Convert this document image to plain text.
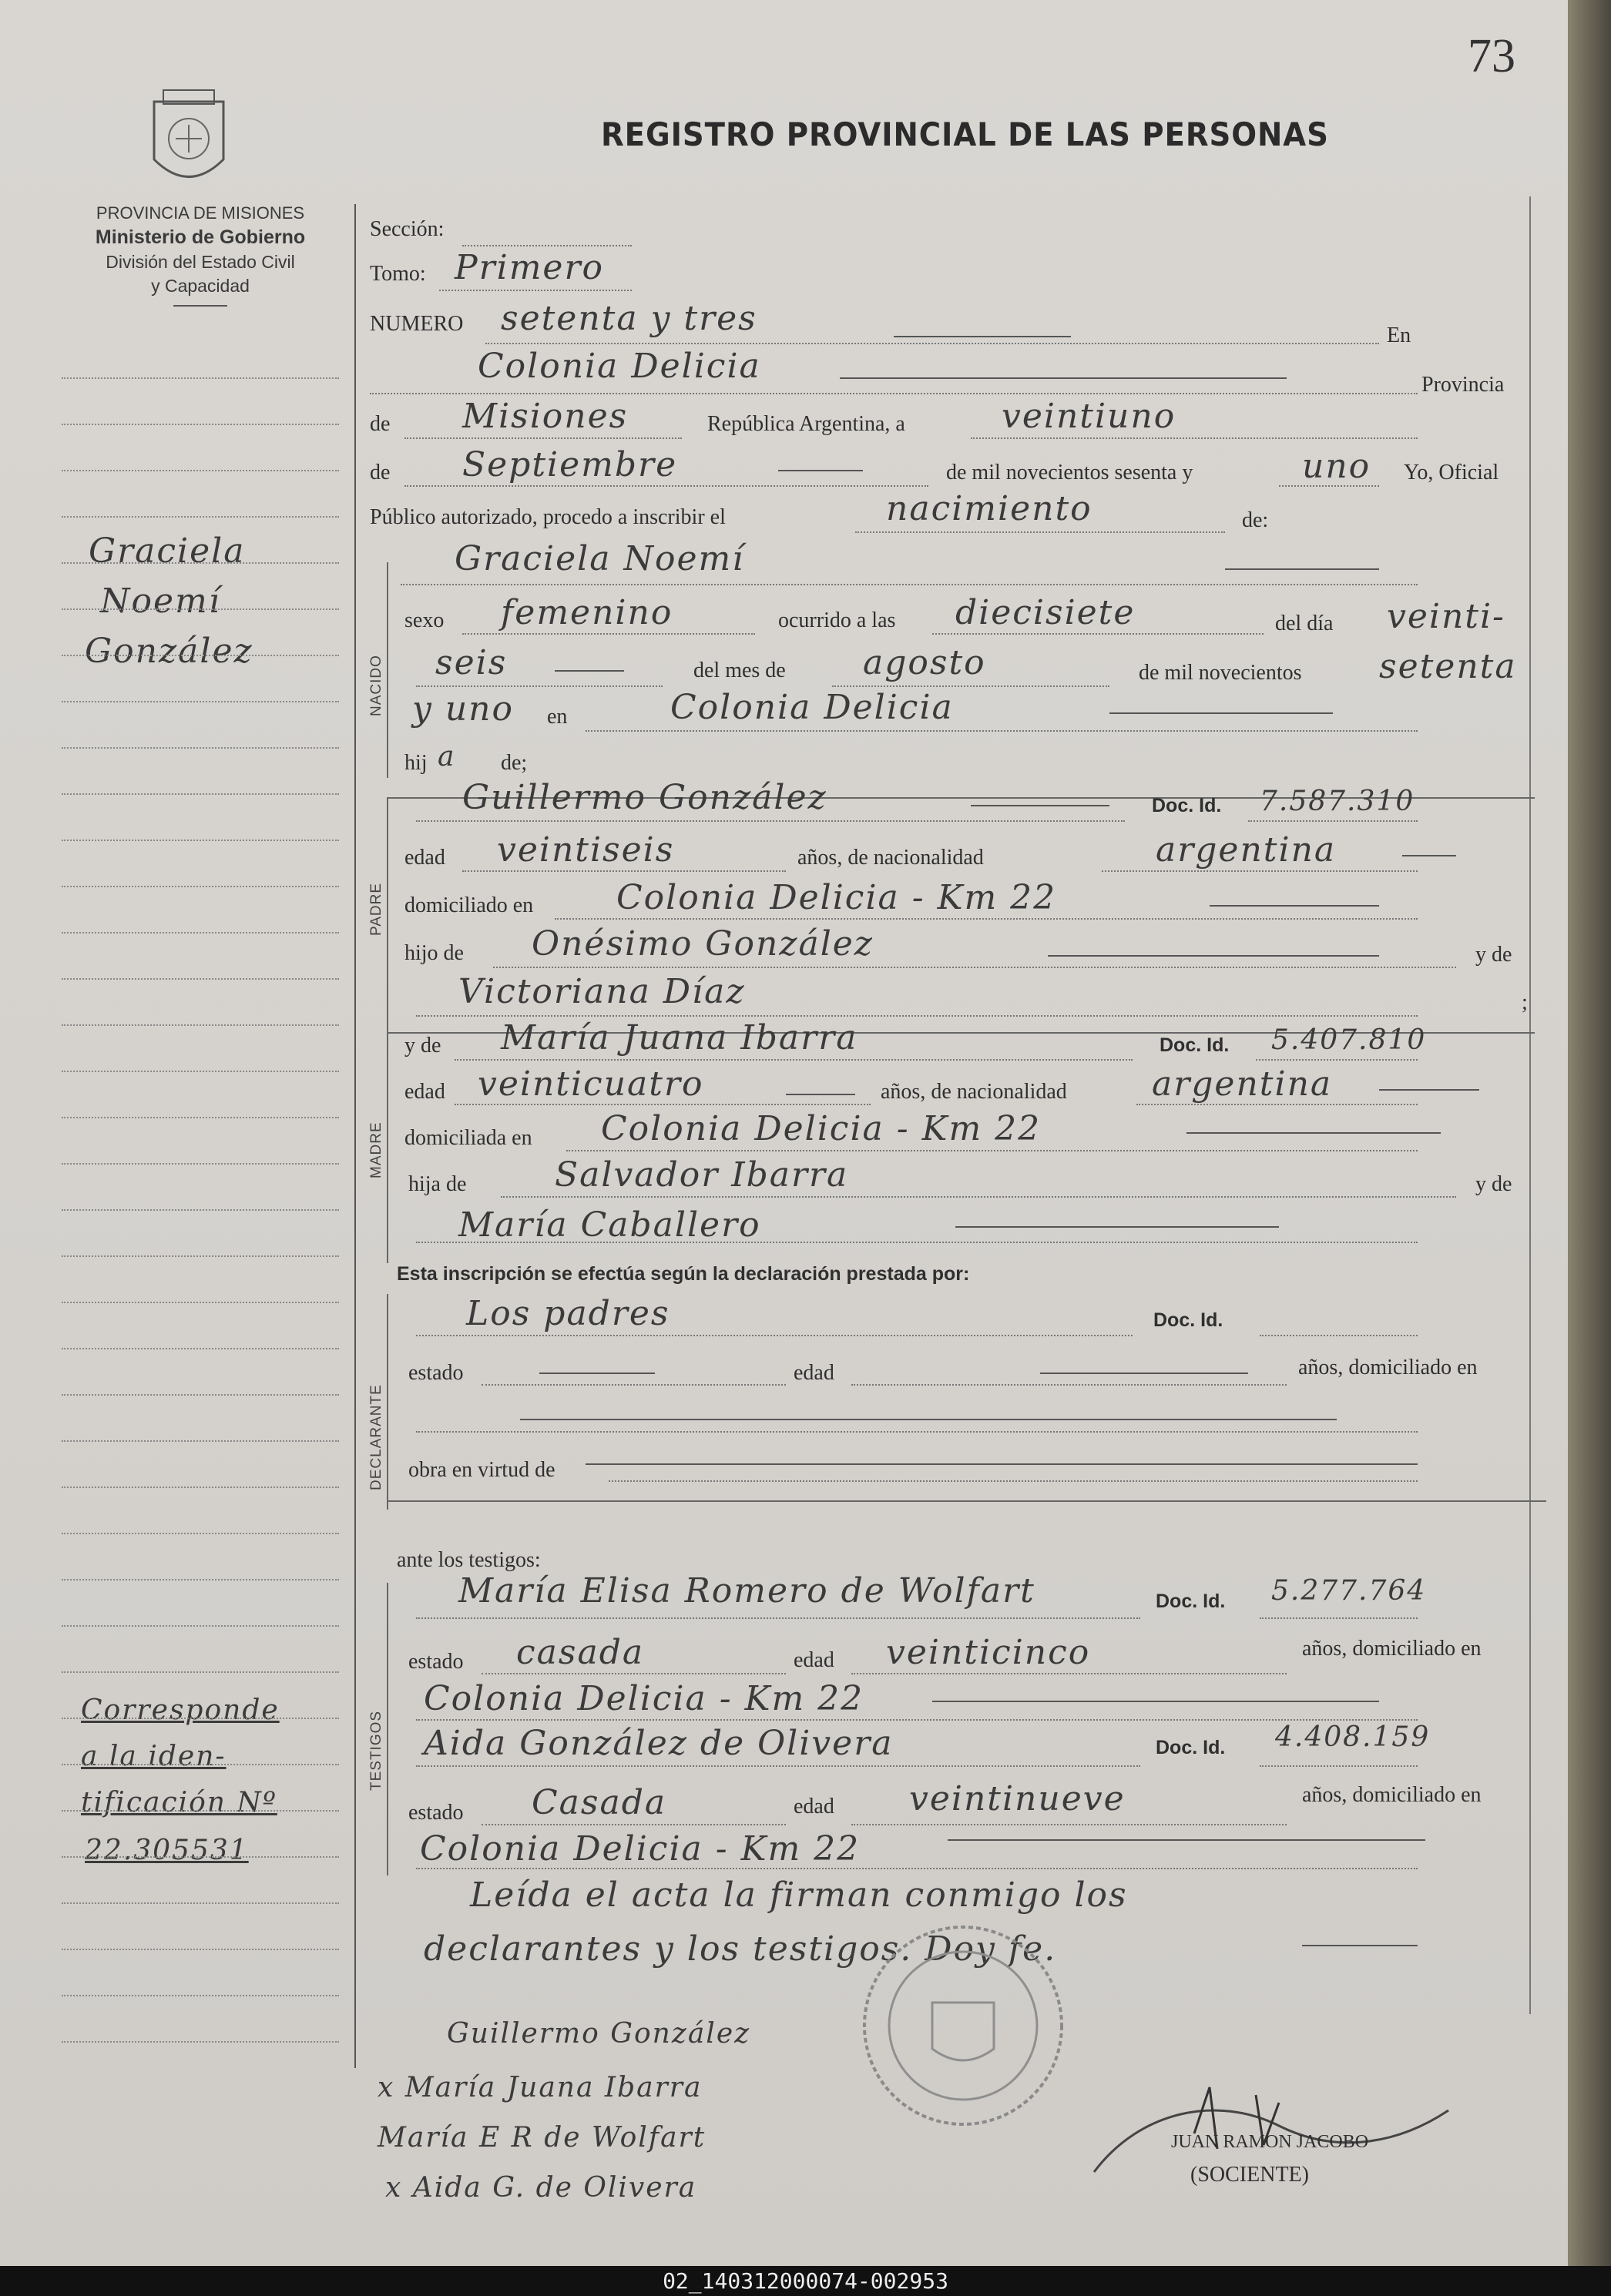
73
REGISTRO PROVINCIAL DE LAS PERSONAS
PROVINCIA DE MISIONES
Ministerio de Gobierno
División del Estado Civil
y Capacidad
Graciela
Noemí
González
Corresponde
a la iden-
tificación Nº
22.305531
Sección:
Tomo: Primero
NUMERO setenta y tres	En
Colonia Delicia	Provincia
de Misiones	República Argentina, a	veintiuno
de Septiembre	de mil novecientos sesenta y	uno Yo, Oficial
Público autorizado, procedo a inscribir el	nacimiento	de:
NACIDO
Graciela Noemí
sexo femenino	ocurrido a las diecisiete	del día veinti-
seis	del mes de agosto	de mil novecientos setenta
y uno en	Colonia Delicia
hij a de;
PADRE
Guillermo González	Doc. Id. 7.587.310
edad veintiseis	años, de nacionalidad	argentina
domiciliado en Colonia Delicia - Km 22
hijo de Onésimo González	y de
Victoriana Díaz	;
MADRE
y de María Juana Ibarra	Doc. Id. 5.407.810
edad veinticuatro	años, de nacionalidad	argentina
domiciliada en Colonia Delicia - Km 22
hija de	Salvador Ibarra	y de
María Caballero
Esta inscripción se efectúa según la declaración prestada por:
DECLARANTE
Los padres	Doc. Id.
estado	edad	años, domiciliado en
obra en virtud de
ante los testigos:
TESTIGOS
María Elisa Romero de Wolfart	Doc. Id. 5.277.764
estado casada	edad veinticinco	años, domiciliado en
Colonia Delicia - Km 22
Aida González de Olivera	Doc. Id. 4.408.159
estado Casada	edad veintinueve	años, domiciliado en
Colonia Delicia - Km 22
Leída el acta la firman conmigo los
declarantes y los testigos. Doy fe.
Guillermo González
x María Juana Ibarra
María E R de Wolfart
x Aida G. de Olivera
JUAN RAMON JACOBO
(SOCIENTE)
02_140312000074-002953
